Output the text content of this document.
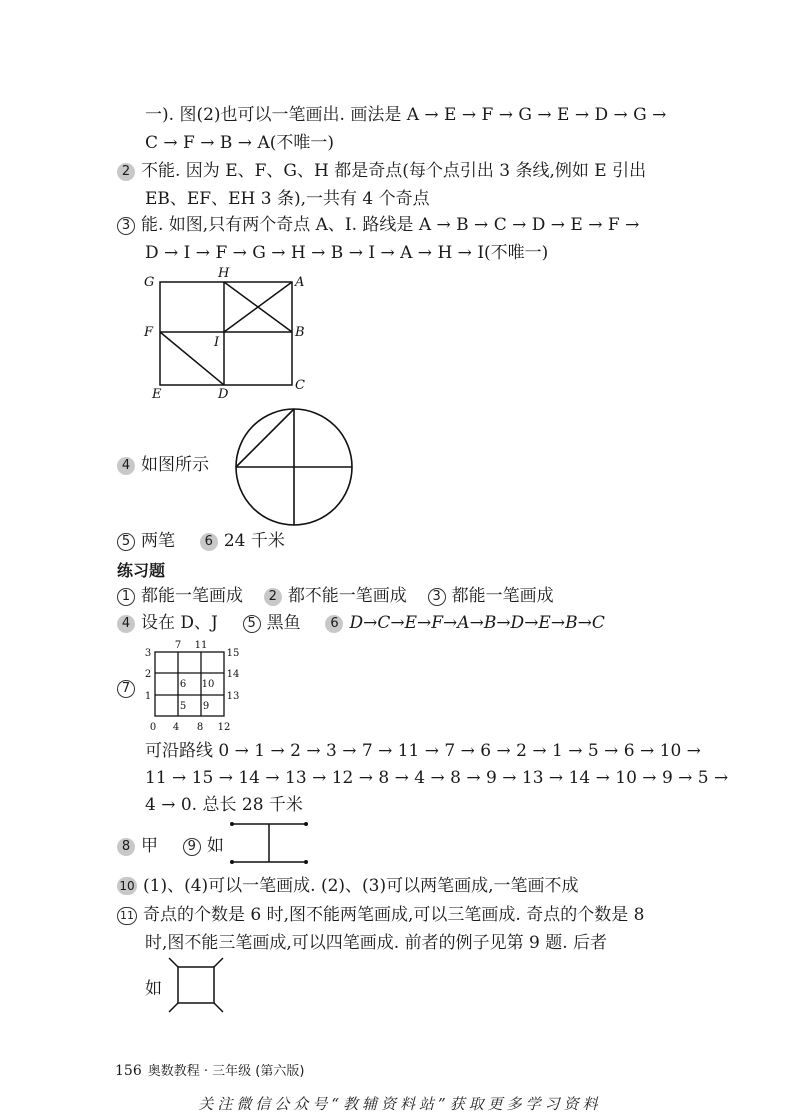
一). 图(2)也可以一笔画出. 画法是 A → E → F → G → E → D → G →
C → F → B → A(不唯一)
2 不能. 因为 E、F、G、H 都是奇点(每个点引出 3 条线,例如 E 引出
EB、EF、EH 3 条),一共有 4 个奇点
3 能. 如图,只有两个奇点 A、I. 路线是 A → B → C → D → E → F →
D → I → F → G → H → B → I → A → H → I(不唯一)
G
H
A
F
I
B
E	D
C
4 如图所示
5 两笔 6 24 千米
练习题
1 都能一笔画成 2 都不能一笔画成 3 都能一笔画成
4 设在 D、J 5 黑鱼 6 D→C→E→F→A→B→D→E→B→C
7
7 11
3
2
1
15
14
13
0 4 8 12
6 10
5 9
可沿路线 0 → 1 → 2 → 3 → 7 → 11 → 7 → 6 → 2 → 1 → 5 → 6 → 10 →
11 → 15 → 14 → 13 → 12 → 8 → 4 → 8 → 9 → 13 → 14 → 10 → 9 → 5 →
4 → 0. 总长 28 千米
8 甲 9 如
10 (1)、(4)可以一笔画成. (2)、(3)可以两笔画成,一笔画不成
11 奇点的个数是 6 时,图不能两笔画成,可以三笔画成. 奇点的个数是 8
时,图不能三笔画成,可以四笔画成. 前者的例子见第 9 题. 后者
如
156 奥数教程 · 三年级 (第六版)
关注微信公众号“教辅资料站”获取更多学习资料
